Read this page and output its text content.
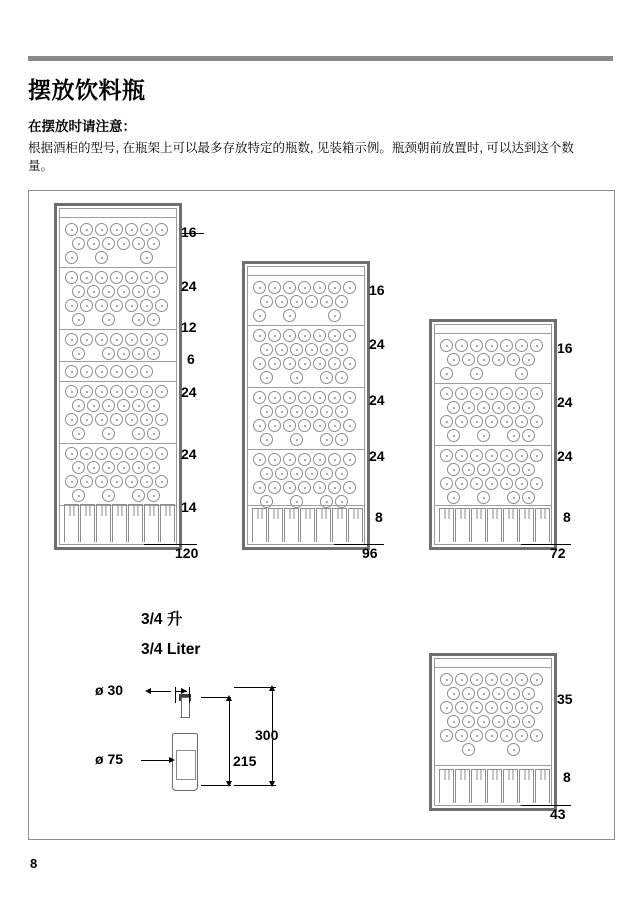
摆放饮料瓶
在摆放时请注意：
根据酒柜的型号, 在瓶架上可以最多存放特定的瓶数, 见装箱示例。瓶颈朝前放置时, 可以达到这个数量。
16
24
12
6
24
24
14
120
16
24
24
24
8
96
16
24
24
8
72
35
8
43
3/4 升
3/4 Liter
ø 30
ø 75	215
300
8
